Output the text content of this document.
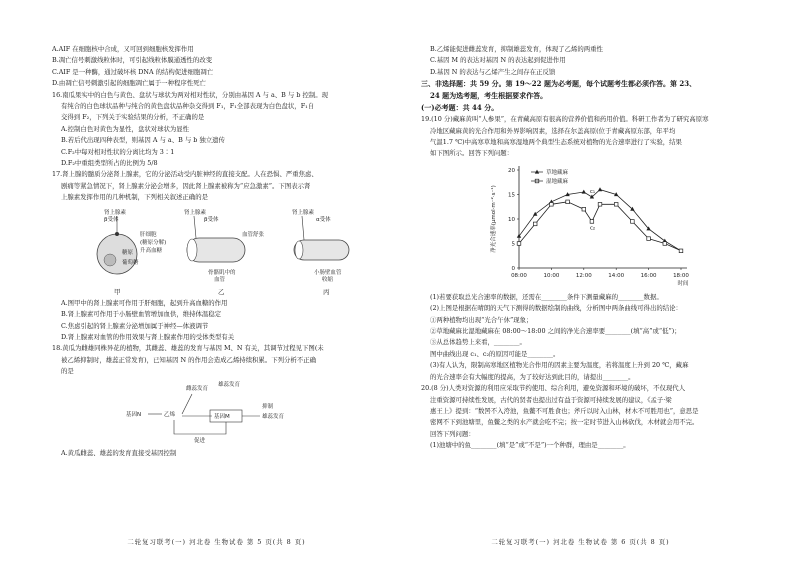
A.AIF 在细胞核中合成，又可回到细胞核发挥作用

B.凋亡信号刺激线粒体时，可引起线粒体膜通透性的改变

C.AIF 是一种酶，通过破坏核 DNA 的结构促进细胞凋亡

D.由凋亡信号刺激引起的细胞凋亡属于一种程序性死亡

16.南瓜果实中的白色与黄色、盘状与球状为两对相对性状，分别由基因 A 与 a、B 与 b 控制。现

有纯合的白色球状品种与纯合的黄色盘状品种杂交得到 F₁，F₁全部表现为白色盘状，F₁自

交得到 F₂，下列关于实验结果的分析，不正确的是

A.控制白色对黄色为显性，盘状对球状为显性

B.若后代出现四种表型，则基因 A 与 a、B 与 b 独立遗传

C.F₂中每对相对性状的分离比均为 3∶1

D.F₂中重组类型所占的比例为 5/8

17.肾上腺的髓质分泌肾上腺素，它的分泌活动受内脏神经的直接支配。人在恐惧、严重焦虑、

剧痛等紧急情况下，肾上腺素分泌会增多，因此肾上腺素被称为“应急激素”。下图表示肾

上腺素发挥作用的几种机制，下列相关叙述正确的是

肾上腺素
β受体
肝细胞
(糖原分解)
升高血糖
糖原
葡萄糖
甲
肾上腺素
β受体
血管舒张
骨骼肌中的
血管
乙
肾上腺素
α受体
小肠壁血管
收缩
丙

A.图甲中的肾上腺素可作用于肝细胞，起到升高血糖的作用

B.肾上腺素可作用于小肠壁血管增加血供，维持体温稳定

C.焦虑引起的肾上腺素分泌增加属于神经—体液调节

D.肾上腺素对血管的作用效果与肾上腺素作用的受体类型有关

18.黄瓜为雌雄同株异花的植物，其雌蕊、雄蕊的发育与基因 M、N 有关，其调节过程见下图(未

被乙烯抑制时，雄蕊正常发育)，已知基因 N 的作用会造成乙烯持续积累。下列分析不正确

的是

基因N	乙烯
雌蕊发育
雄蕊发育
基因M
抑制
雄蕊发育
促进

A.黄瓜雌蕊、雄蕊的发育直接受基因控制

二轮复习联考(一) 河北卷 生物试卷 第 5 页(共 8 页)

B.乙烯能促进雌蕊发育，抑制雄蕊发育，体现了乙烯的两重性

C.基因 M 的表达对基因 N 的表达起到促进作用

D.基因 N 的表达与乙烯产生之间存在正反馈

三、非选择题：共 59 分。第 19～22 题为必考题，每个试题考生都必须作答。第 23、

24 题为选考题，考生根据要求作答。

(一)必考题：共 44 分。

19.(10 分)藏麻黄叫“人参果”，在青藏高原有很高的营养价值和药用价值。科研工作者为了研究高原寒

冷地区藏麻黄的光合作用和外界影响因素，选择在尔盖高原(位于青藏高原东部，年平均

气温1.7 ℃)中高寒草地和高寒湿地两个典型生态系统对植物的光合速率进行了实验，结果

如下图所示。回答下列问题：

0
5
10
15
20
08:00	10:00	12:00	14:00	16:00	18:00
时间
净光合速率(μmol·m⁻²·s⁻¹)
草地藏麻
湿地藏麻
c₁
c₂

(1)若要获取总光合速率的数据，还需在________条件下测量藏麻的________数据。

(2)上图是根据在晴朗的天气下测得的数据绘制的曲线，分析图中两条曲线可得出的结论：

①两种植物均出现“光合午休”现象；

②草地藏麻比湿地藏麻在 08:00～18:00 之间的净光合速率要________(填“高”或“低”)；

③从总体趋势上来看，________。

图中曲线出现 c₁、c₂的原因可能是________。

(3)有人认为，限制高寒地区植物光合作用的因素主要为温度，若将温度上升到 20 ℃，藏麻

的光合速率会有大幅度的提高，为了较好达到此目的，请提出________。

20.(8 分)人类对资源的利用应采取节约使用、综合利用，避免资源和环境的破坏，不仅现代人

注重资源可持续性发展，古代的贤者也提出过有益于资源可持续发展的建议，《孟子·梁

惠王上》提到：“数罟不入洿池，鱼鳖不可胜食也；斧斤以时入山林，材木不可胜用也”，意思是

密网不下到池塘里，鱼鳖之类的水产就会吃不完；按一定时节进入山林砍伐，木材就会用不完。

回答下列问题：

(1)池塘中的鱼________(填“是”或“不是”)一个种群，理由是________。

二轮复习联考(一) 河北卷 生物试卷 第 6 页(共 8 页)
